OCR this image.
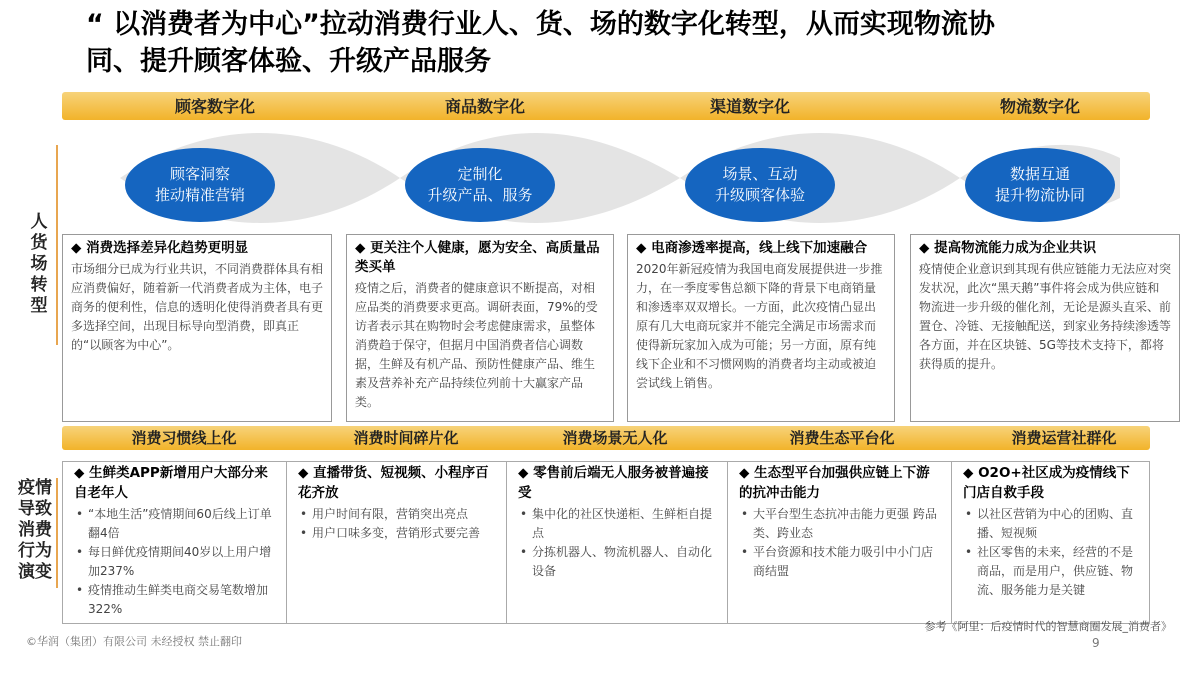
“ 以消费者为中心”拉动消费行业人、货、场的数字化转型，从而实现物流协同、提升顾客体验、升级产品服务
顾客数字化	商品数字化	渠道数字化	物流数字化
人货场转型
疫情导致消费行为演变
顾客洞察
推动精准营销
定制化
升级产品、服务
场景、互动
升级顾客体验
数据互通
提升物流协同
◆ 消费选择差异化趋势更明显
市场细分已成为行业共识，不同消费群体具有相应消费偏好，随着新一代消费者成为主体，电子商务的便利性，信息的透明化使得消费者具有更多选择空间，出现目标导向型消费，即真正的“以顾客为中心”。
◆ 更关注个人健康，愿为安全、高质量品类买单
疫情之后，消费者的健康意识不断提高，对相应品类的消费要求更高。调研表面，79%的受访者表示其在购物时会考虑健康需求，虽整体消费趋于保守，但据月中国消费者信心调数据，生鲜及有机产品、预防性健康产品、维生素及营养补充产品持续位列前十大赢家产品类。
◆ 电商渗透率提高，线上线下加速融合
2020年新冠疫情为我国电商发展提供进一步推力，在一季度零售总额下降的背景下电商销量和渗透率双双增长。一方面，此次疫情凸显出原有几大电商玩家并不能完全满足市场需求而使得新玩家加入成为可能；另一方面，原有纯线下企业和不习惯网购的消费者均主动或被迫尝试线上销售。
◆ 提高物流能力成为企业共识
疫情使企业意识到其现有供应链能力无法应对突发状况，此次“黑天鹅”事件将会成为供应链和物流进一步升级的催化剂，无论是源头直采、前置仓、冷链、无接触配送，到家业务持续渗透等各方面，并在区块链、5G等技术支持下，都将获得质的提升。
消费习惯线上化	消费时间碎片化	消费场景无人化	消费生态平台化	消费运营社群化
◆ 生鲜类APP新增用户大部分来自老年人
• “本地生活”疫情期间60后线上订单翻4倍
• 每日鲜优疫情期间40岁以上用户增加237%
• 疫情推动生鲜类电商交易笔数增加322%
◆ 直播带货、短视频、小程序百花齐放
• 用户时间有限，营销突出亮点
• 用户口味多变，营销形式要完善
◆ 零售前后端无人服务被普遍接受
• 集中化的社区快递柜、生鲜柜自提点
• 分拣机器人、物流机器人、自动化设备
◆ 生态型平台加强供应链上下游的抗冲击能力
• 大平台型生态抗冲击能力更强 跨品类、跨业态
• 平台资源和技术能力吸引中小门店商结盟
◆ O2O+社区成为疫情线下门店自救手段
• 以社区营销为中心的团购、直 播、短视频
• 社区零售的未来，经营的不是商品，而是用户，供应链、物流、服务能力是关键
参考《阿里：后疫情时代的智慧商圈发展_消费者》
©华润（集团）有限公司 未经授权 禁止翻印	9
